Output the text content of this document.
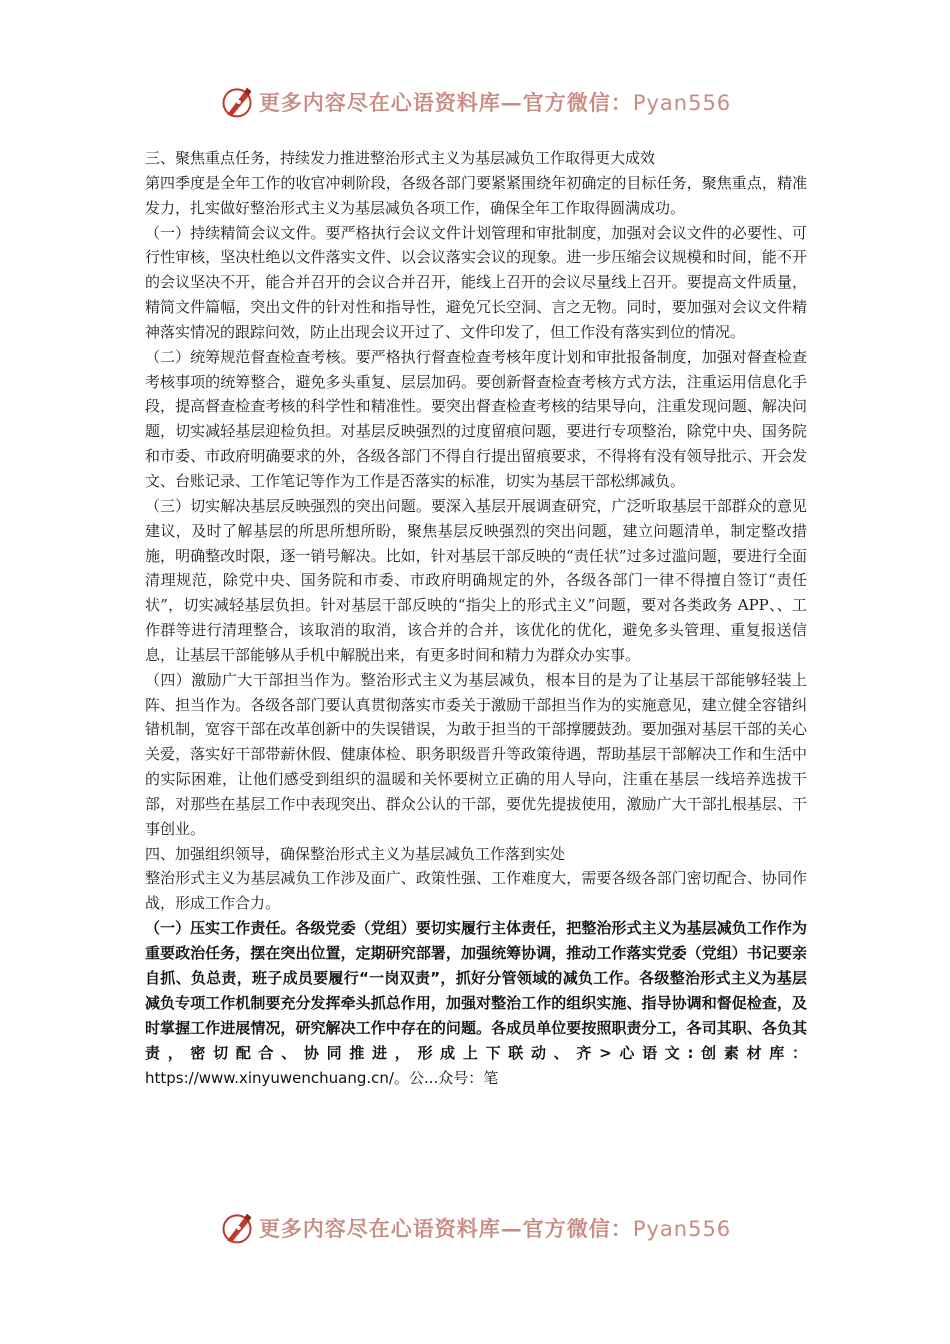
更多内容尽在心语资料库—官方微信：Pyan556

三、聚焦重点任务，持续发力推进整治形式主义为基层减负工作取得更大成效

第四季度是全年工作的收官冲刺阶段，各级各部门要紧紧围绕年初确定的目标任务，聚焦重点，精准发力，扎实做好整治形式主义为基层减负各项工作，确保全年工作取得圆满成功。

（一）持续精简会议文件。要严格执行会议文件计划管理和审批制度，加强对会议文件的必要性、可行性审核，坚决杜绝以文件落实文件、以会议落实会议的现象。进一步压缩会议规模和时间，能不开的会议坚决不开，能合并召开的会议合并召开，能线上召开的会议尽量线上召开。要提高文件质量，精简文件篇幅，突出文件的针对性和指导性，避免冗长空洞、言之无物。同时，要加强对会议文件精神落实情况的跟踪问效，防止出现会议开过了、文件印发了，但工作没有落实到位的情况。

（二）统筹规范督查检查考核。要严格执行督查检查考核年度计划和审批报备制度，加强对督查检查考核事项的统筹整合，避免多头重复、层层加码。要创新督查检查考核方式方法，注重运用信息化手段，提高督查检查考核的科学性和精准性。要突出督查检查考核的结果导向，注重发现问题、解决问题，切实减轻基层迎检负担。对基层反映强烈的过度留痕问题，要进行专项整治，除党中央、国务院和市委、市政府明确要求的外，各级各部门不得自行提出留痕要求，不得将有没有领导批示、开会发文、台账记录、工作笔记等作为工作是否落实的标准，切实为基层干部松绑减负。

（三）切实解决基层反映强烈的突出问题。要深入基层开展调查研究，广泛听取基层干部群众的意见建议，及时了解基层的所思所想所盼，聚焦基层反映强烈的突出问题，建立问题清单，制定整改措施，明确整改时限，逐一销号解决。比如，针对基层干部反映的“责任状”过多过滥问题，要进行全面清理规范，除党中央、国务院和市委、市政府明确规定的外，各级各部门一律不得擅自签订“责任状”，切实减轻基层负担。针对基层干部反映的“指尖上的形式主义”问题，要对各类政务 APP、、工作群等进行清理整合，该取消的取消，该合并的合并，该优化的优化，避免多头管理、重复报送信息，让基层干部能够从手机中解脱出来，有更多时间和精力为群众办实事。

（四）激励广大干部担当作为。整治形式主义为基层减负，根本目的是为了让基层干部能够轻装上阵、担当作为。各级各部门要认真贯彻落实市委关于激励干部担当作为的实施意见，建立健全容错纠错机制，宽容干部在改革创新中的失误错误，为敢于担当的干部撑腰鼓劲。要加强对基层干部的关心关爱，落实好干部带薪休假、健康体检、职务职级晋升等政策待遇，帮助基层干部解决工作和生活中的实际困难，让他们感受到组织的温暖和关怀要树立正确的用人导向，注重在基层一线培养选拔干部，对那些在基层工作中表现突出、群众公认的干部，要优先提拔使用，激励广大干部扎根基层、干事创业。

四、加强组织领导，确保整治形式主义为基层减负工作落到实处

整治形式主义为基层减负工作涉及面广、政策性强、工作难度大，需要各级各部门密切配合、协同作战，形成工作合力。

（一）压实工作责任。各级党委（党组）要切实履行主体责任，把整治形式主义为基层减负工作作为重要政治任务，摆在突出位置，定期研究部署，加强统筹协调，推动工作落实党委（党组）书记要亲自抓、负总责，班子成员要履行“一岗双责”，抓好分管领域的减负工作。各级整治形式主义为基层减负专项工作机制要充分发挥牵头抓总作用，加强对整治工作的组织实施、指导协调和督促检查，及时掌握工作进展情况，研究解决工作中存在的问题。各成员单位要按照职责分工，各司其职、各负其责，密切配合、协同推进，形成上下联动、齐>心语文:创素材库：https://www.xinyuwenchuang.cn/。公...众号：笔

更多内容尽在心语资料库—官方微信：Pyan556
